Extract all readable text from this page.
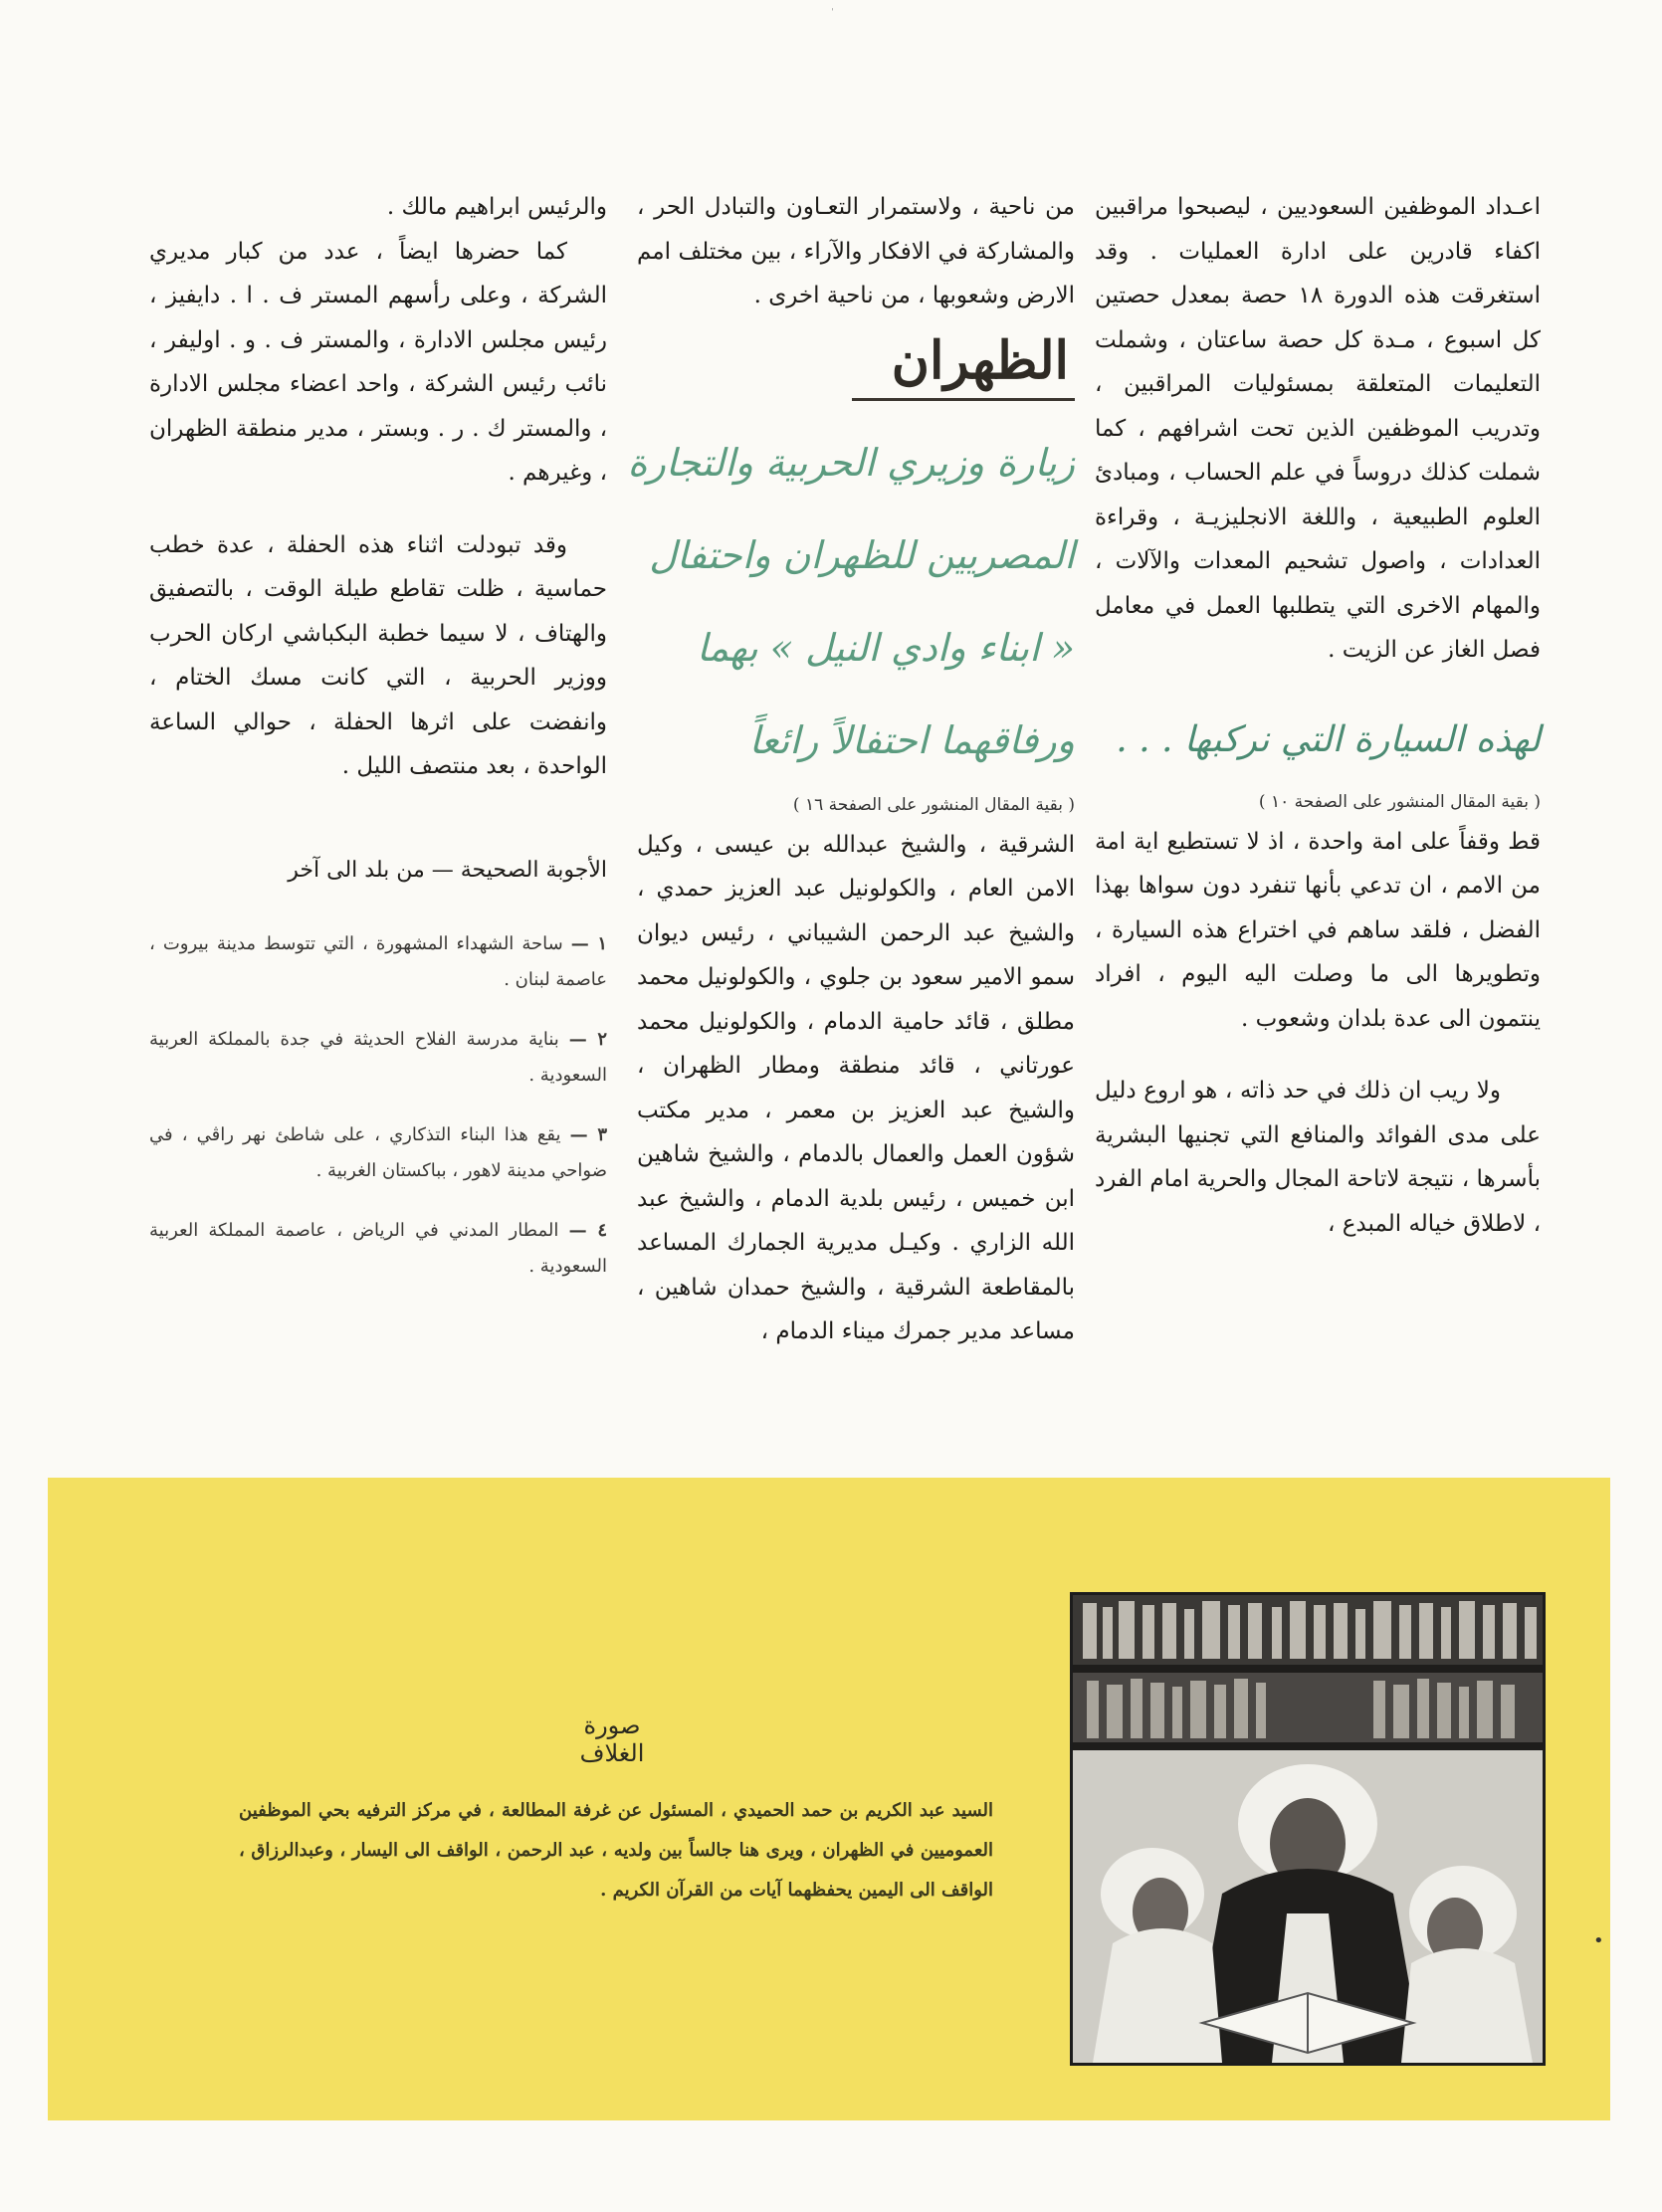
ˈ

اعـداد الموظفين السعوديين ، ليصبحوا مراقبين اكفاء قادرين على ادارة العمليات . وقد استغرقت هذه الدورة ١٨ حصة بمعدل حصتين كل اسبوع ، مـدة كل حصة ساعتان ، وشملت التعليمات المتعلقة بمسئوليات المراقبين ، وتدريب الموظفين الذين تحت اشرافهم ، كما شملت كذلك دروساً في علم الحساب ، ومبادئ العلوم الطبيعية ، واللغة الانجليزيـة ، وقراءة العدادات ، واصول تشحيم المعدات والآلات ، والمهام الاخرى التي يتطلبها العمل في معامل فصل الغاز عن الزيت .

لهذه السيارة التي نركبها . . .

( بقية المقال المنشور على الصفحة ١٠ )

قط وقفاً على امة واحدة ، اذ لا تستطيع اية امة من الامم ، ان تدعي بأنها تنفرد دون سواها بهذا الفضل ، فلقد ساهم في اختراع هذه السيارة ، وتطويرها الى ما وصلت اليه اليوم ، افراد ينتمون الى عدة بلدان وشعوب .

ولا ريب ان ذلك في حد ذاته ، هو اروع دليل على مدى الفوائد والمنافع التي تجنيها البشرية بأسرها ، نتيجة لاتاحة المجال والحرية امام الفرد ، لاطلاق خياله المبدع ،

من ناحية ، ولاستمرار التعـاون والتبادل الحر ، والمشاركة في الافكار والآراء ، بين مختلف امم الارض وشعوبها ، من ناحية اخرى .

الظهران
زيارة وزيري الحربية والتجارة
المصريين للظهران واحتفال
« ابناء وادي النيل » بهما
ورفاقهما احتفالاً رائعاً

( بقية المقال المنشور على الصفحة ١٦ )

الشرقية ، والشيخ عبدالله بن عيسى ، وكيل الامن العام ، والكولونيل عبد العزيز حمدي ، والشيخ عبد الرحمن الشيباني ، رئيس ديوان سمو الامير سعود بن جلوي ، والكولونيل محمد مطلق ، قائد حامية الدمام ، والكولونيل محمد عورتاني ، قائد منطقة ومطار الظهران ، والشيخ عبد العزيز بن معمر ، مدير مكتب شؤون العمل والعمال بالدمام ، والشيخ شاهين ابن خميس ، رئيس بلدية الدمام ، والشيخ عبد الله الزاري . وكيـل مديرية الجمارك المساعد بالمقاطعة الشرقية ، والشيخ حمدان شاهين ، مساعد مدير جمرك ميناء الدمام ،

والرئيس ابراهيم مالك .

كما حضرها ايضاً ، عدد من كبار مديري الشركة ، وعلى رأسهم المستر ف . ا . دايفيز ، رئيس مجلس الادارة ، والمستر ف . و . اوليفر ، نائب رئيس الشركة ، واحد اعضاء مجلس الادارة ، والمستر ك . ر . وبستر ، مدير منطقة الظهران ، وغيرهم .

وقد تبودلت اثناء هذه الحفلة ، عدة خطب حماسية ، ظلت تقاطع طيلة الوقت ، بالتصفيق والهتاف ، لا سيما خطبة البكباشي اركان الحرب ووزير الحربية ، التي كانت مسك الختام ، وانفضت على اثرها الحفلة ، حوالي الساعة الواحدة ، بعد منتصف الليل .

الأجوبة الصحيحة — من بلد الى آخر
١ — ساحة الشهداء المشهورة ، التي تتوسط مدينة بيروت ، عاصمة لبنان .
٢ — بناية مدرسة الفلاح الحديثة في جدة بالمملكة العربية السعودية .
٣ — يقع هذا البناء التذكاري ، على شاطئ نهر راڤي ، في ضواحي مدينة لاهور ، بباكستان الغربية .
٤ — المطار المدني في الرياض ، عاصمة المملكة العربية السعودية .
صورة الغلاف
السيد عبد الكريم بن حمد الحميدي ، المسئول عن غرفة المطالعة ، في مركز الترفيه بحي الموظفين العموميين في الظهران ، ويرى هنا جالساً بين ولديه ، عبد الرحمن ، الواقف الى اليسار ، وعبدالرزاق ، الواقف الى اليمين يحفظهما آيات من القرآن الكريم .
•
